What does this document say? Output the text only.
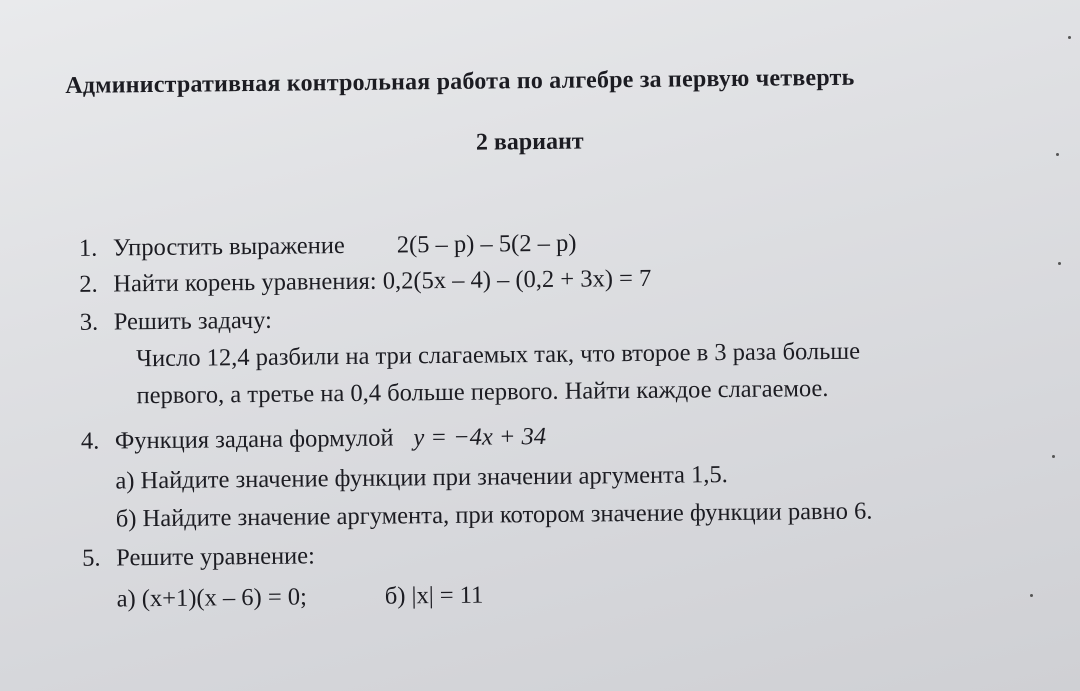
Административная контрольная работа по алгебре за первую четверть
2 вариант
1. Упростить выражение 2(5 – p) – 5(2 – p)
2. Найти корень уравнения: 0,2(5x – 4) – (0,2 + 3x) = 7
3. Решить задачу:
Число 12,4 разбили на три слагаемых так, что второе в 3 раза больше
первого, а третье на 0,4 больше первого. Найти каждое слагаемое.
4. Функция задана формулой y = −4x + 34
а) Найдите значение функции при значении аргумента 1,5.
б) Найдите значение аргумента, при котором значение функции равно 6.
5. Решите уравнение:
а) (x+1)(x – 6) = 0;	б) |x| = 11
